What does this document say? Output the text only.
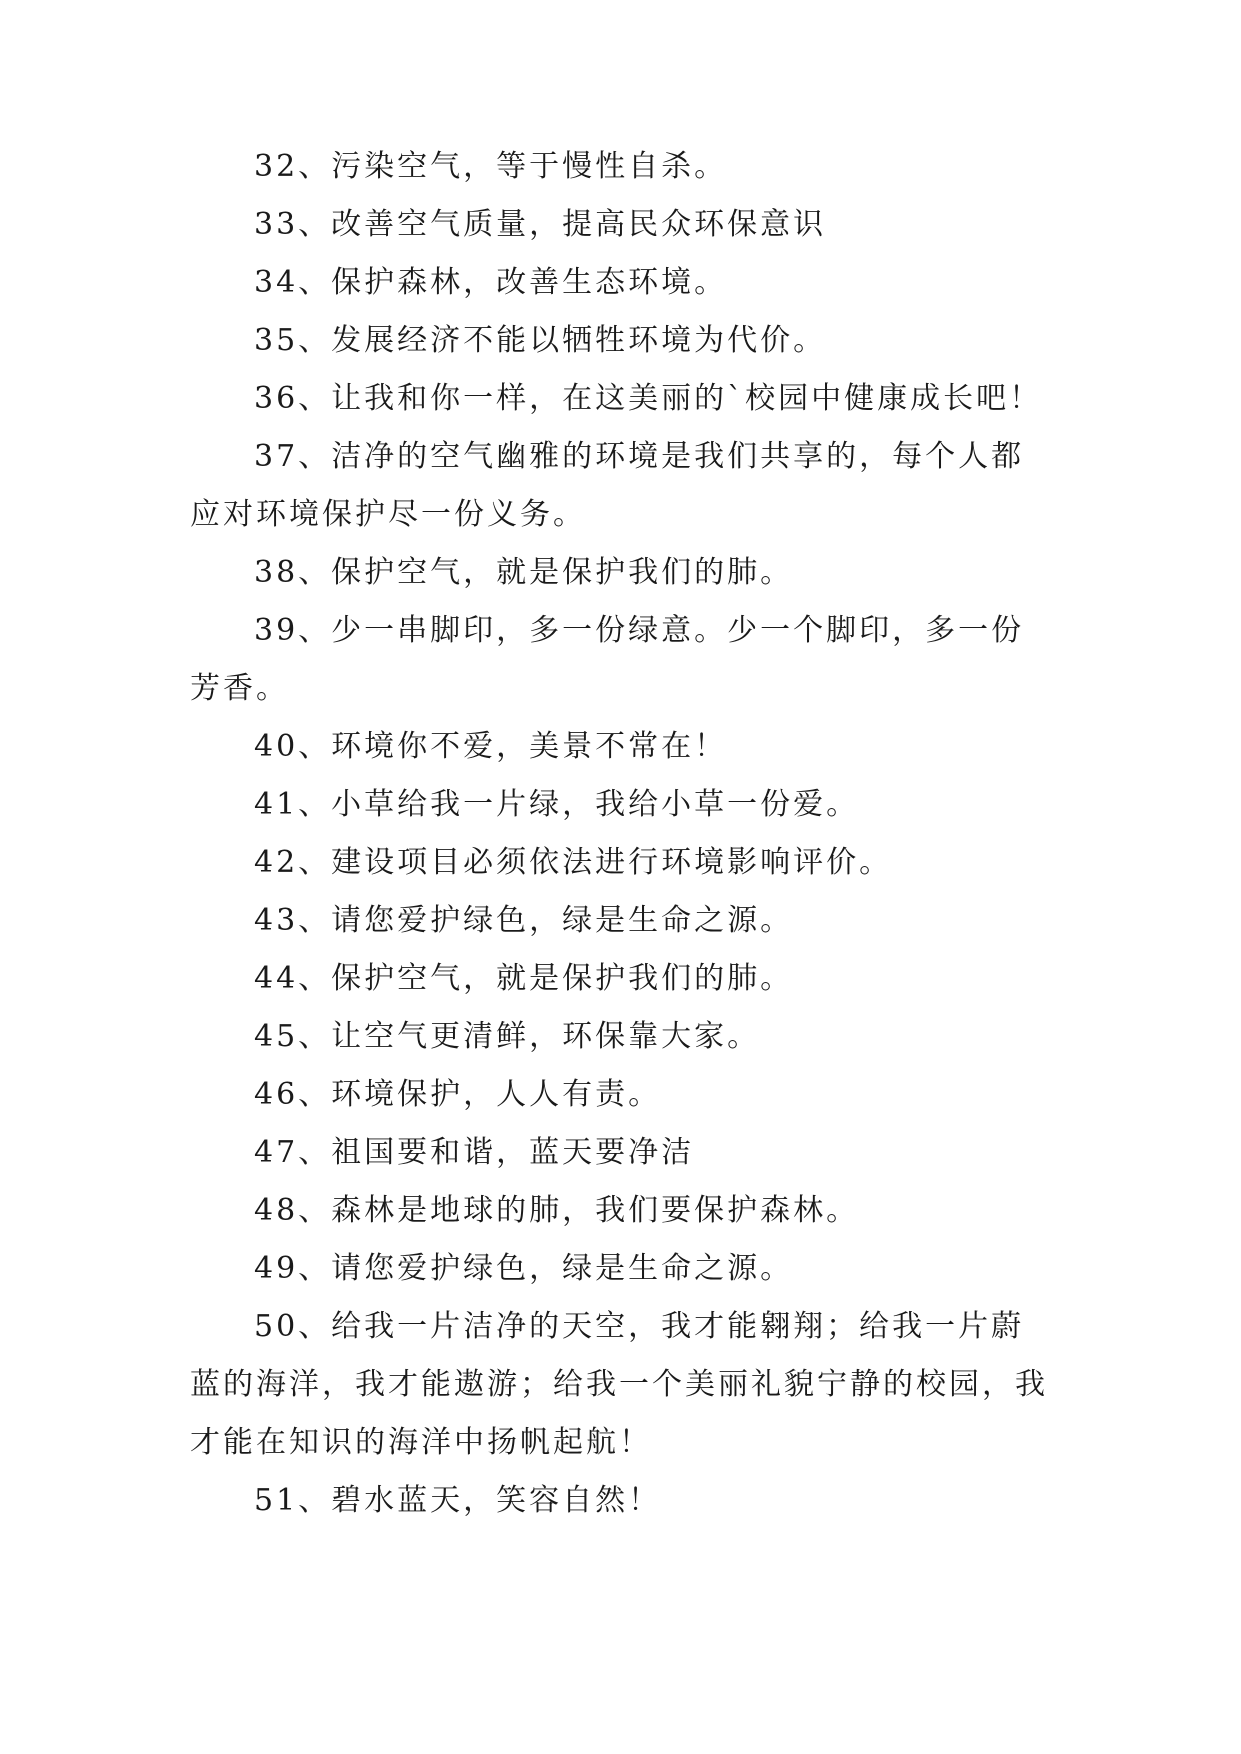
32、污染空气，等于慢性自杀。

33、改善空气质量，提高民众环保意识

34、保护森林，改善生态环境。

35、发展经济不能以牺牲环境为代价。

36、让我和你一样，在这美丽的`校园中健康成长吧！

37、洁净的空气幽雅的环境是我们共享的，每个人都应对环境保护尽一份义务。

38、保护空气，就是保护我们的肺。

39、少一串脚印，多一份绿意。少一个脚印，多一份芳香。

40、环境你不爱，美景不常在！

41、小草给我一片绿，我给小草一份爱。

42、建设项目必须依法进行环境影响评价。

43、请您爱护绿色，绿是生命之源。

44、保护空气，就是保护我们的肺。

45、让空气更清鲜，环保靠大家。

46、环境保护，人人有责。

47、祖国要和谐，蓝天要净洁

48、森林是地球的肺，我们要保护森林。

49、请您爱护绿色，绿是生命之源。

50、给我一片洁净的天空，我才能翱翔；给我一片蔚蓝的海洋，我才能遨游；给我一个美丽礼貌宁静的校园，我才能在知识的海洋中扬帆起航！

51、碧水蓝天，笑容自然！
